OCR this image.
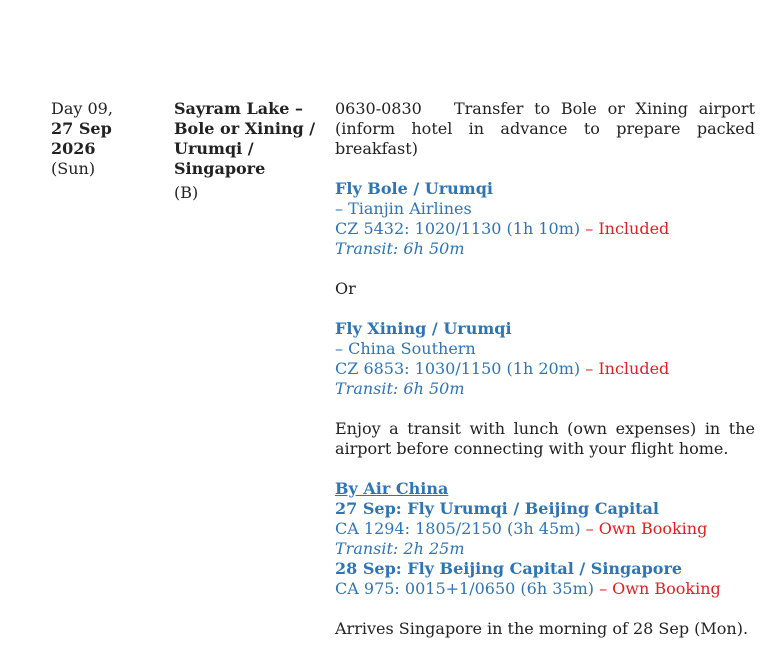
Day 09,
27 Sep
2026
(Sun)
Sayram Lake –
Bole or Xining /
Urumqi /
Singapore
(B)
0630-0830   Transfer to Bole or Xining airport (inform hotel in advance to prepare packed breakfast)
Fly Bole / Urumqi
– Tianjin Airlines
CZ 5432: 1020/1130 (1h 10m) – Included
Transit: 6h 50m
Or
Fly Xining / Urumqi
– China Southern
CZ 6853: 1030/1150 (1h 20m) – Included
Transit: 6h 50m
Enjoy a transit with lunch (own expenses) in the airport before connecting with your flight home.
By Air China
27 Sep: Fly Urumqi / Beijing Capital
CA 1294: 1805/2150 (3h 45m) – Own Booking
Transit: 2h 25m
28 Sep: Fly Beijing Capital / Singapore
CA 975: 0015+1/0650 (6h 35m) – Own Booking
Arrives Singapore in the morning of 28 Sep (Mon).
